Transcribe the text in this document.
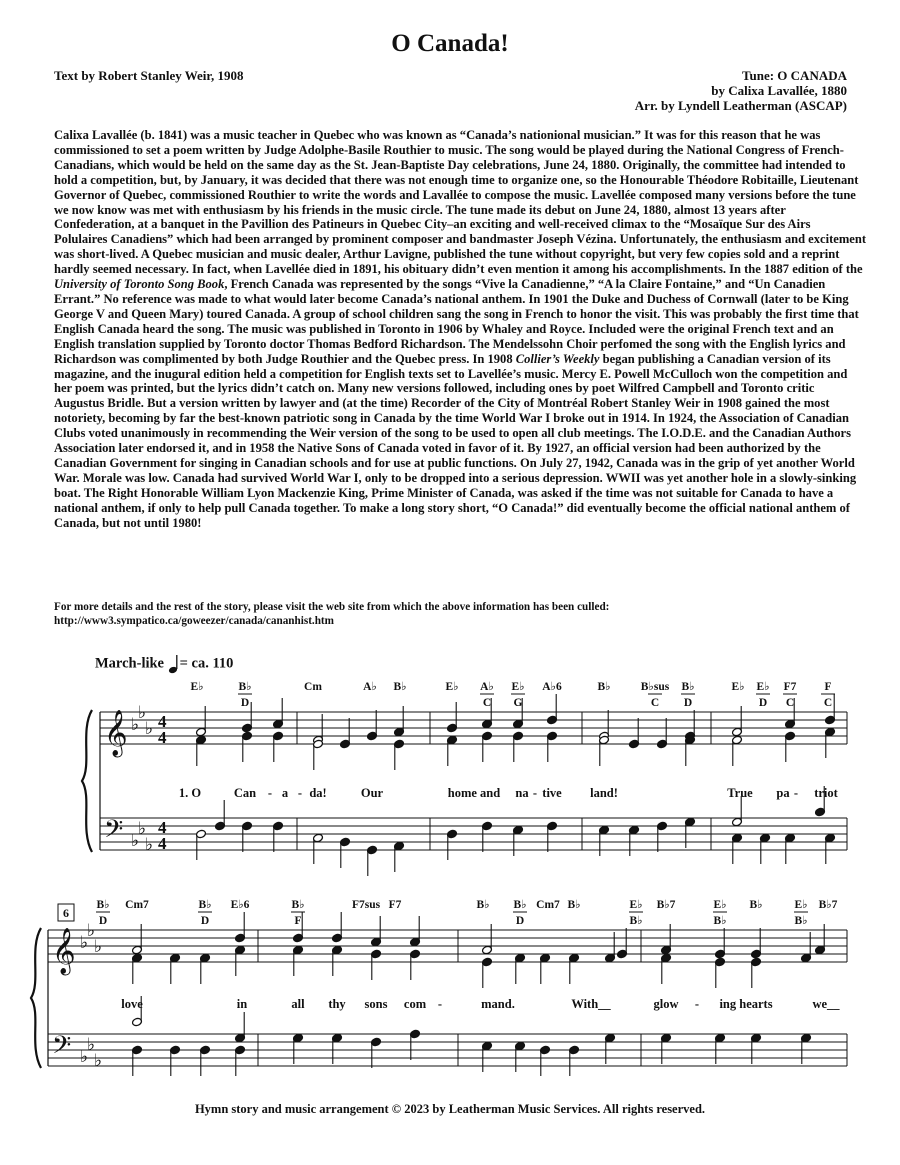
O Canada!
Text by Robert Stanley Weir, 1908	Tune: O CANADA
by Calixa Lavallée, 1880
Arr. by Lyndell Leatherman (ASCAP)
Calixa Lavallée (b. 1841) was a music teacher in Quebec who was known as “Canada’s nationional musician.” It was for this reason that he was commissioned to set a poem written by Judge Adolphe-Basile Routhier to music. The song would be played during the National Congress of French-Canadians, which would be held on the same day as the St. Jean-Baptiste Day celebrations, June 24, 1880. Originally, the committee had intended to hold a competition, but, by January, it was decided that there was not enough time to organize one, so the Honourable Théodore Robitaille, Lieutenant Governor of Quebec, commissioned Routhier to write the words and Lavallée to compose the music. Lavellée composed many versions before the tune we now know was met with enthusiasm by his friends in the music circle. The tune made its debut on June 24, 1880, almost 13 years after Confederation, at a banquet in the Pavillion des Patineurs in Quebec City–an exciting and well-received climax to the “Mosaïque Sur des Airs Polulaires Canadiens” which had been arranged by prominent composer and bandmaster Joseph Vézina. Unfortunately, the enthusiasm and excitement was short-lived. A Quebec musician and music dealer, Arthur Lavigne, published the tune without copyright, but very few copies sold and a reprint hardly seemed necessary. In fact, when Lavellée died in 1891, his obituary didn’t even mention it among his accomplishments. In the 1887 edition of the University of Toronto Song Book, French Canada was represented by the songs “Vive la Canadienne,” “A la Claire Fontaine,” and “Un Canadien Errant.” No reference was made to what would later become Canada’s national anthem. In 1901 the Duke and Duchess of Cornwall (later to be King George V and Queen Mary) toured Canada. A group of school children sang the song in French to honor the visit. This was probably the first time that English Canada heard the song. The music was published in Toronto in 1906 by Whaley and Royce. Included were the original French text and an English translation supplied by Toronto doctor Thomas Bedford Richardson. The Mendelssohn Choir perfomed the song with the English lyrics and Richardson was complimented by both Judge Routhier and the Quebec press. In 1908 Collier’s Weekly began publishing a Canadian version of its magazine, and the inugural edition held a competition for English texts set to Lavellée’s music. Mercy E. Powell McCulloch won the competition and her poem was printed, but the lyrics didn’t catch on. Many new versions followed, including ones by poet Wilfred Campbell and Toronto critic Augustus Bridle. But a version written by lawyer and (at the time) Recorder of the City of Montréal Robert Stanley Weir in 1908 gained the most notoriety, becoming by far the best-known patriotic song in Canada by the time World War I broke out in 1914. In 1924, the Association of Canadian Clubs voted unanimously in recommending the Weir version of the song to be used to open all club meetings. The I.O.D.E. and the Canadian Authors Association later endorsed it, and in 1958 the Native Sons of Canada voted in favor of it. By 1927, an official version had been authorized by the Canadian Government for singing in Canadian schools and for use at public functions. On July 27, 1942, Canada was in the grip of yet another World War. Morale was low. Canada had survived World War I, only to be dropped into a serious depression. WWII was yet another hole in a slowly-sinking boat. The Right Honorable William Lyon Mackenzie King, Prime Minister of Canada, was asked if the time was not suitable for Canada to have a national anthem, if only to help pull Canada together. To make a long story short, “O Canada!” did eventually become the official national anthem of Canada, but not until 1980!
For more details and the rest of the story, please visit the web site from which the above information has been culled:
http://www3.sympatico.ca/goweezer/canada/cananhist.htm
March-like = ca. 110
E♭	B♭
D
Cm	A♭ B♭	E♭ A♭
C
E♭
G
A♭6	B♭	B♭sus
C
B♭
D
E♭ E♭
D
F7
C
F
C
𝄞
𝄢
♭
♭
♭
♭
♭
♭
4
4
4
4
1. O	Can - a - da!	Our	home and na - tive land!	True pa - triot
6
B♭
D
Cm7	B♭
D
E♭6	B♭
F
F7sus F7	B♭ B♭
D
Cm7 B♭	E♭
B♭
B♭7	E♭
B♭
B♭	E♭
B♭
B♭7
𝄞
𝄢
♭
♭
♭
♭
♭
♭
love	in	all thy sons com -	mand.	With__	glow - ing hearts	we__
Hymn story and music arrangement © 2023 by Leatherman Music Services. All rights reserved.
